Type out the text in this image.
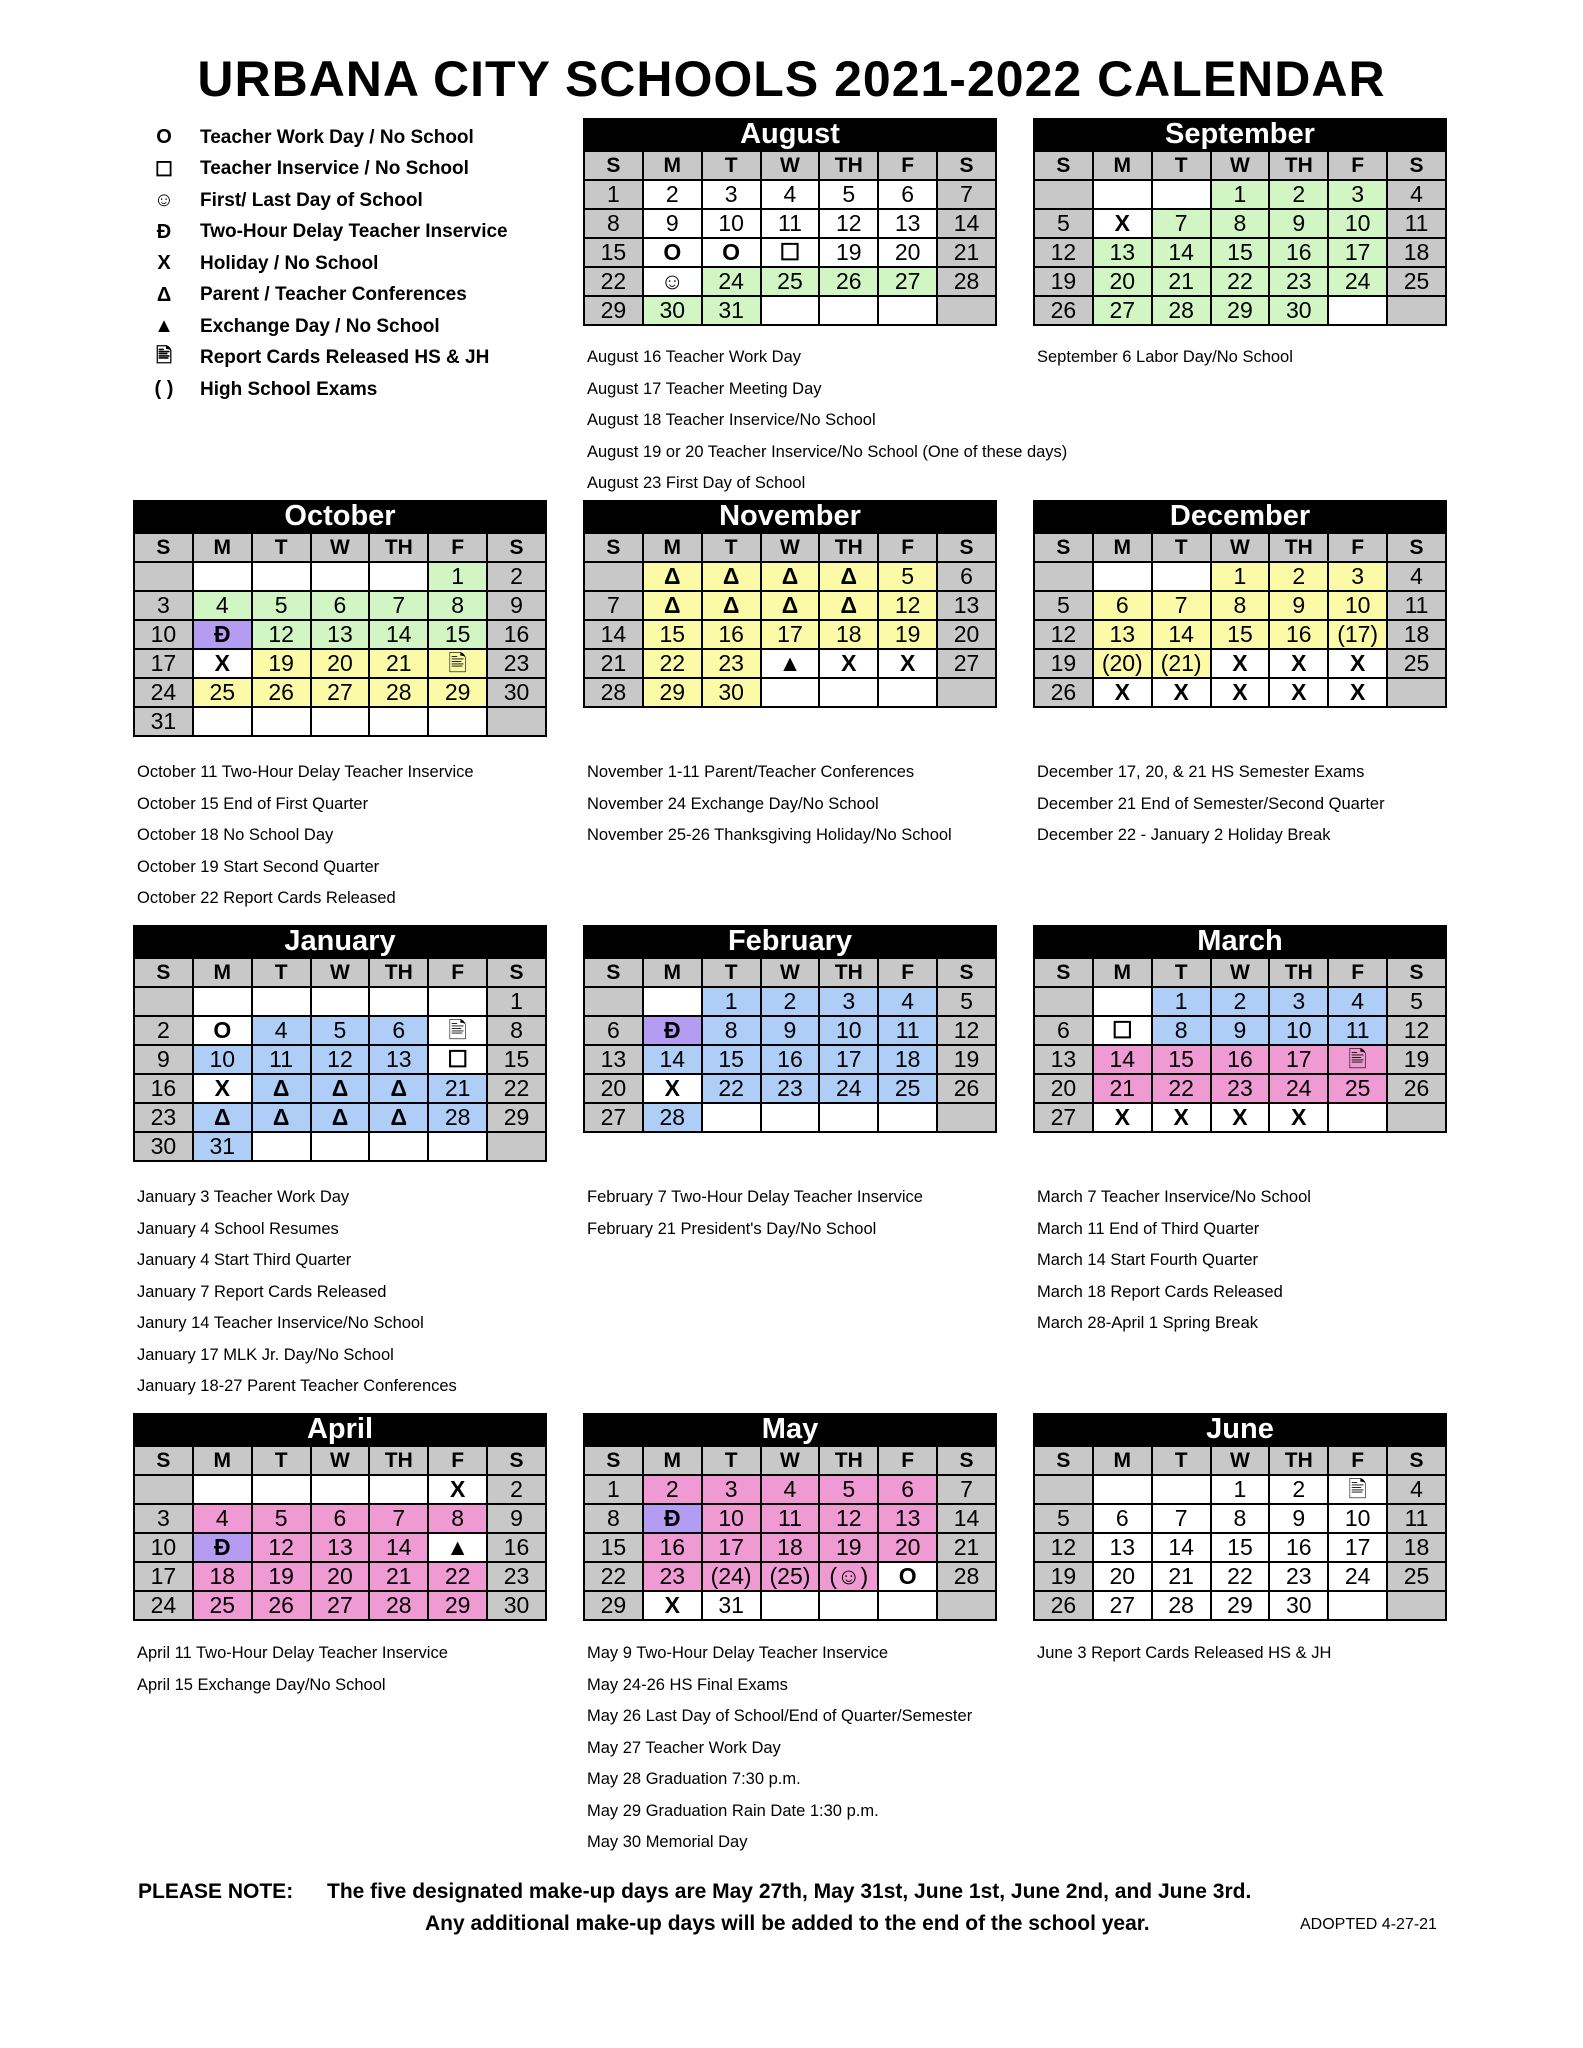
URBANA CITY SCHOOLS 2021-2022 CALENDAR
O	Teacher Work Day / No School
☐ Teacher Inservice / No School
☺ First/ Last Day of School
Đ	Two-Hour Delay Teacher Inservice
X	Holiday / No School
Δ	Parent / Teacher Conferences
▲ Exchange Day / No School
🖹	Report Cards Released HS & JH
( ) High School Exams
August
S	M	T	W	TH	F	S
1	2	3	4	5	6	7
8	9	10	11	12	13	14
15	O	O	☐	19	20	21
22	☺	24	25	26	27	28
29	30	31				
September
S	M	T	W	TH	F	S
			1	2	3	4
5	X	7	8	9	10	11
12	13	14	15	16	17	18
19	20	21	22	23	24	25
26	27	28	29	30		
August 16 Teacher Work Day
August 17 Teacher Meeting Day
August 18 Teacher Inservice/No School
August 19 or 20 Teacher Inservice/No School (One of these days)
August 23 First Day of School
September 6 Labor Day/No School
October
S	M	T	W	TH	F	S
					1	2
3	4	5	6	7	8	9
10	Đ	12	13	14	15	16
17	X	19	20	21	🖹	23
24	25	26	27	28	29	30
31						
November
S	M	T	W	TH	F	S
	Δ	Δ	Δ	Δ	5	6
7	Δ	Δ	Δ	Δ	12	13
14	15	16	17	18	19	20
21	22	23	▲	X	X	27
28	29	30				
December
S	M	T	W	TH	F	S
			1	2	3	4
5	6	7	8	9	10	11
12	13	14	15	16	(17)	18
19	(20)	(21)	X	X	X	25
26	X	X	X	X	X	
October 11 Two-Hour Delay Teacher Inservice
October 15 End of First Quarter
October 18 No School Day
October 19 Start Second Quarter
October 22 Report Cards Released
November 1-11 Parent/Teacher Conferences
November 24 Exchange Day/No School
November 25-26 Thanksgiving Holiday/No School
December 17, 20, & 21 HS Semester Exams
December 21 End of Semester/Second Quarter
December 22 - January 2 Holiday Break
January
S	M	T	W	TH	F	S
						1
2	O	4	5	6	🖹	8
9	10	11	12	13	☐	15
16	X	Δ	Δ	Δ	21	22
23	Δ	Δ	Δ	Δ	28	29
30	31					
February
S	M	T	W	TH	F	S
		1	2	3	4	5
6	Đ	8	9	10	11	12
13	14	15	16	17	18	19
20	X	22	23	24	25	26
27	28					
March
S	M	T	W	TH	F	S
		1	2	3	4	5
6	☐	8	9	10	11	12
13	14	15	16	17	🖹	19
20	21	22	23	24	25	26
27	X	X	X	X		
January 3 Teacher Work Day
January 4 School Resumes
January 4 Start Third Quarter
January 7 Report Cards Released
Janury 14 Teacher Inservice/No School
January 17 MLK Jr. Day/No School
January 18-27 Parent Teacher Conferences
February 7 Two-Hour Delay Teacher Inservice
February 21 President's Day/No School
March 7 Teacher Inservice/No School
March 11 End of Third Quarter
March 14 Start Fourth Quarter
March 18 Report Cards Released
March 28-April 1 Spring Break
April
S	M	T	W	TH	F	S
					X	2
3	4	5	6	7	8	9
10	Đ	12	13	14	▲	16
17	18	19	20	21	22	23
24	25	26	27	28	29	30
May
S	M	T	W	TH	F	S
1	2	3	4	5	6	7
8	Đ	10	11	12	13	14
15	16	17	18	19	20	21
22	23	(24)	(25)	(☺)	O	28
29	X	31				
June
S	M	T	W	TH	F	S
			1	2	🖹	4
5	6	7	8	9	10	11
12	13	14	15	16	17	18
19	20	21	22	23	24	25
26	27	28	29	30		
April 11 Two-Hour Delay Teacher Inservice
April 15 Exchange Day/No School
May 9 Two-Hour Delay Teacher Inservice
May 24-26 HS Final Exams
May 26 Last Day of School/End of Quarter/Semester
May 27 Teacher Work Day
May 28 Graduation 7:30 p.m.
May 29 Graduation Rain Date 1:30 p.m.
May 30 Memorial Day
June 3 Report Cards Released HS & JH
PLEASE NOTE: The five designated make-up days are May 27th, May 31st, June 1st, June 2nd, and June 3rd.
Any additional make-up days will be added to the end of the school year.	ADOPTED 4-27-21
